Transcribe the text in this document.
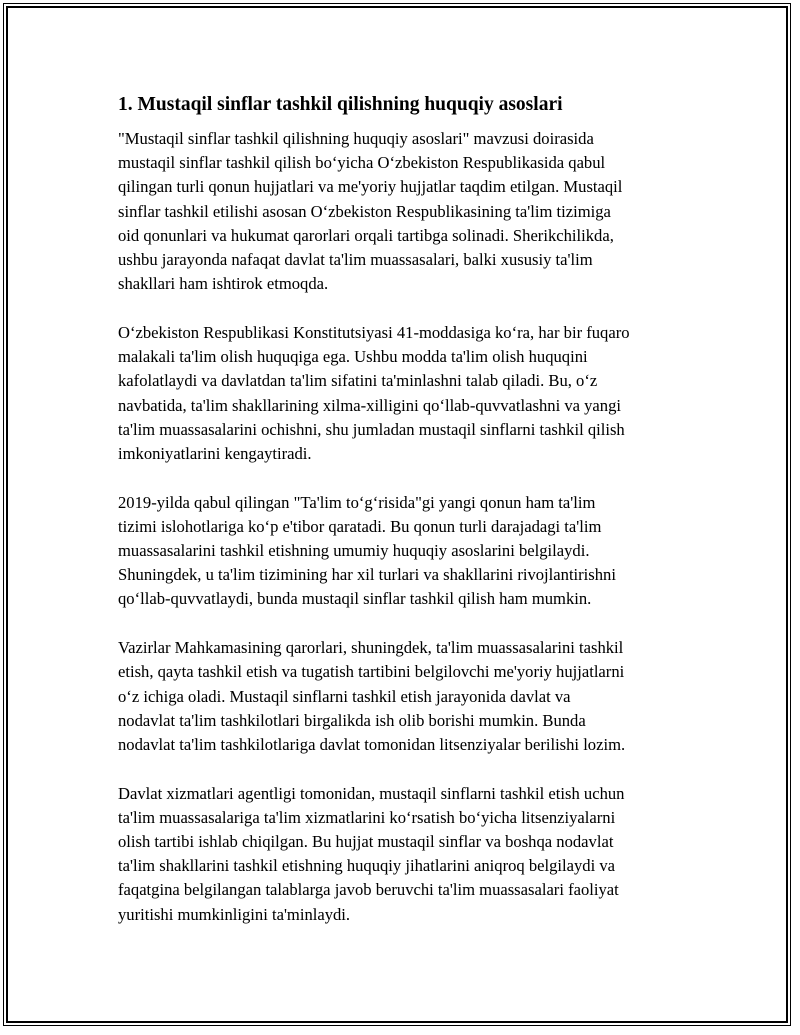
1. Mustaqil sinflar tashkil qilishning huquqiy asoslari

"Mustaqil sinflar tashkil qilishning huquqiy asoslari" mavzusi doirasida
mustaqil sinflar tashkil qilish bo‘yicha O‘zbekiston Respublikasida qabul
qilingan turli qonun hujjatlari va me'yoriy hujjatlar taqdim etilgan. Mustaqil
sinflar tashkil etilishi asosan O‘zbekiston Respublikasining ta'lim tizimiga
oid qonunlari va hukumat qarorlari orqali tartibga solinadi. Sherikchilikda,
ushbu jarayonda nafaqat davlat ta'lim muassasalari, balki xususiy ta'lim
shakllari ham ishtirok etmoqda.

O‘zbekiston Respublikasi Konstitutsiyasi 41-moddasiga ko‘ra, har bir fuqaro
malakali ta'lim olish huquqiga ega. Ushbu modda ta'lim olish huquqini
kafolatlaydi va davlatdan ta'lim sifatini ta'minlashni talab qiladi. Bu, o‘z
navbatida, ta'lim shakllarining xilma-xilligini qo‘llab-quvvatlashni va yangi
ta'lim muassasalarini ochishni, shu jumladan mustaqil sinflarni tashkil qilish
imkoniyatlarini kengaytiradi.

2019-yilda qabul qilingan "Ta'lim to‘g‘risida"gi yangi qonun ham ta'lim
tizimi islohotlariga ko‘p e'tibor qaratadi. Bu qonun turli darajadagi ta'lim
muassasalarini tashkil etishning umumiy huquqiy asoslarini belgilaydi.
Shuningdek, u ta'lim tizimining har xil turlari va shakllarini rivojlantirishni
qo‘llab-quvvatlaydi, bunda mustaqil sinflar tashkil qilish ham mumkin.

Vazirlar Mahkamasining qarorlari, shuningdek, ta'lim muassasalarini tashkil
etish, qayta tashkil etish va tugatish tartibini belgilovchi me'yoriy hujjatlarni
o‘z ichiga oladi. Mustaqil sinflarni tashkil etish jarayonida davlat va
nodavlat ta'lim tashkilotlari birgalikda ish olib borishi mumkin. Bunda
nodavlat ta'lim tashkilotlariga davlat tomonidan litsenziyalar berilishi lozim.

Davlat xizmatlari agentligi tomonidan, mustaqil sinflarni tashkil etish uchun
ta'lim muassasalariga ta'lim xizmatlarini ko‘rsatish bo‘yicha litsenziyalarni
olish tartibi ishlab chiqilgan. Bu hujjat mustaqil sinflar va boshqa nodavlat
ta'lim shakllarini tashkil etishning huquqiy jihatlarini aniqroq belgilaydi va
faqatgina belgilangan talablarga javob beruvchi ta'lim muassasalari faoliyat
yuritishi mumkinligini ta'minlaydi.
